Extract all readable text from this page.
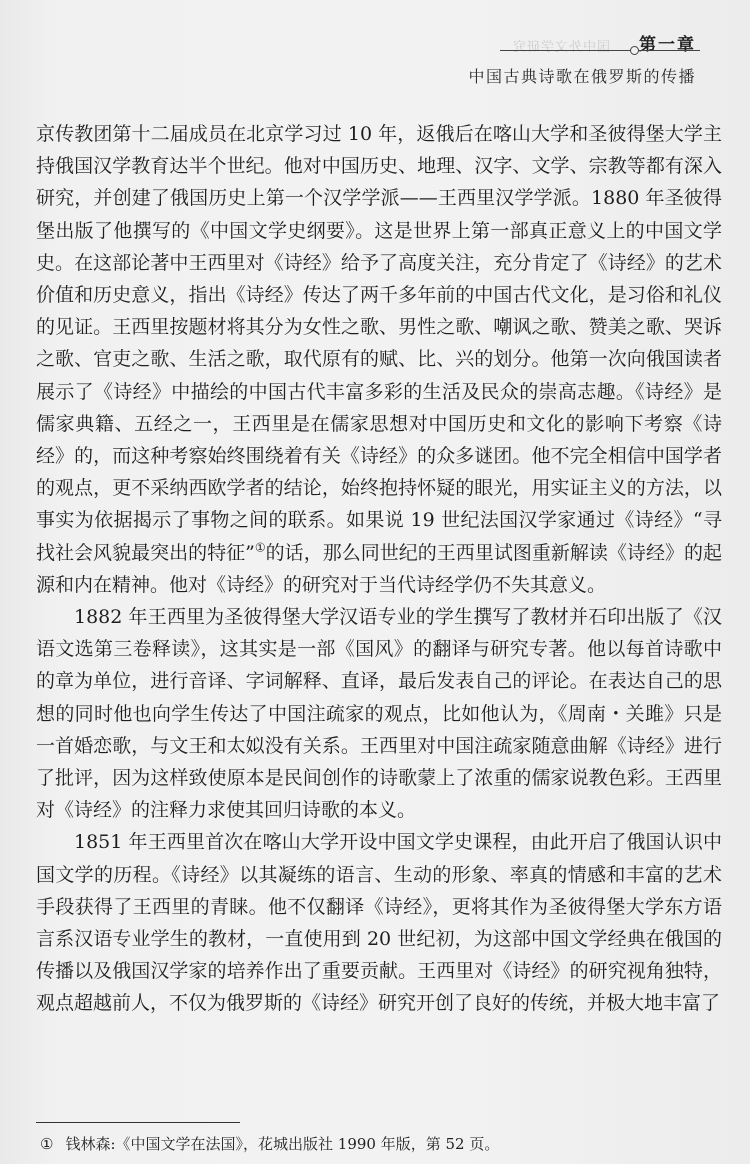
国中外文学研究 第一章
中国古典诗歌在俄罗斯的传播

京传教团第十二届成员在北京学习过 10 年，返俄后在喀山大学和圣彼得堡大学主持俄国汉学教育达半个世纪。他对中国历史、地理、汉字、文学、宗教等都有深入研究，并创建了俄国历史上第一个汉学学派——王西里汉学学派。1880 年圣彼得堡出版了他撰写的《中国文学史纲要》。这是世界上第一部真正意义上的中国文学史。在这部论著中王西里对《诗经》给予了高度关注，充分肯定了《诗经》的艺术价值和历史意义，指出《诗经》传达了两千多年前的中国古代文化，是习俗和礼仪的见证。王西里按题材将其分为女性之歌、男性之歌、嘲讽之歌、赞美之歌、哭诉之歌、官吏之歌、生活之歌，取代原有的赋、比、兴的划分。他第一次向俄国读者展示了《诗经》中描绘的中国古代丰富多彩的生活及民众的崇高志趣。《诗经》是儒家典籍、五经之一，王西里是在儒家思想对中国历史和文化的影响下考察《诗经》的，而这种考察始终围绕着有关《诗经》的众多谜团。他不完全相信中国学者的观点，更不采纳西欧学者的结论，始终抱持怀疑的眼光，用实证主义的方法，以事实为依据揭示了事物之间的联系。如果说 19 世纪法国汉学家通过《诗经》“寻找社会风貌最突出的特征”①的话，那么同世纪的王西里试图重新解读《诗经》的起源和内在精神。他对《诗经》的研究对于当代诗经学仍不失其意义。

1882 年王西里为圣彼得堡大学汉语专业的学生撰写了教材并石印出版了《汉语文选第三卷释读》，这其实是一部《国风》的翻译与研究专著。他以每首诗歌中的章为单位，进行音译、字词解释、直译，最后发表自己的评论。在表达自己的思想的同时他也向学生传达了中国注疏家的观点，比如他认为，《周南・关雎》只是一首婚恋歌，与文王和太姒没有关系。王西里对中国注疏家随意曲解《诗经》进行了批评，因为这样致使原本是民间创作的诗歌蒙上了浓重的儒家说教色彩。王西里对《诗经》的注释力求使其回归诗歌的本义。

1851 年王西里首次在喀山大学开设中国文学史课程，由此开启了俄国认识中国文学的历程。《诗经》以其凝练的语言、生动的形象、率真的情感和丰富的艺术手段获得了王西里的青睐。他不仅翻译《诗经》，更将其作为圣彼得堡大学东方语言系汉语专业学生的教材，一直使用到 20 世纪初，为这部中国文学经典在俄国的传播以及俄国汉学家的培养作出了重要贡献。王西里对《诗经》的研究视角独特，观点超越前人，不仅为俄罗斯的《诗经》研究开创了良好的传统，并极大地丰富了

① 钱林森:《中国文学在法国》，花城出版社 1990 年版，第 52 页。
